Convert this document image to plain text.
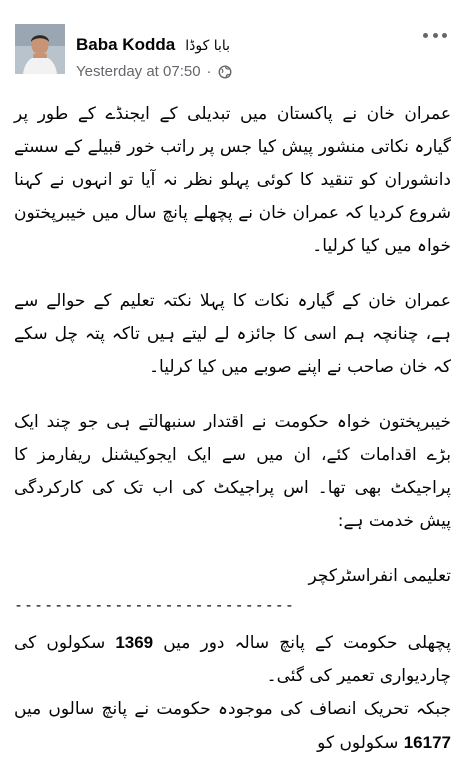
Baba Kodda بابا کوڈا
Yesterday at 07:50 ·

عمران خان نے پاکستان میں تبدیلی کے ایجنڈے کے طور پر گیارہ نکاتی منشور پیش کیا جس پر راتب خور قبیلے کے سستے دانشوران کو تنقید کا کوئی پہلو نظر نہ آیا تو انہوں نے کہنا شروع کردیا کہ عمران خان نے پچھلے پانچ سال میں خیبرپختون خواہ میں کیا کرلیا۔

عمران خان کے گیارہ نکات کا پہلا نکتہ تعلیم کے حوالے سے ہے، چنانچہ ہم اسی کا جائزہ لے لیتے ہیں تاکہ پتہ چل سکے کہ خان صاحب نے اپنے صوبے میں کیا کرلیا۔

خیبرپختون خواہ حکومت نے اقتدار سنبھالتے ہی جو چند ایک بڑے اقدامات کئے، ان میں سے ایک ایجوکیشنل ریفارمز کا پراجیکٹ بھی تھا۔ اس پراجیکٹ کی اب تک کی کارکردگی پیش خدمت ہے:

تعلیمی انفراسٹرکچر

----------------------------

پچھلی حکومت کے پانچ سالہ دور میں 1369 سکولوں کی چاردیواری تعمیر کی گئی۔

جبکہ تحریک انصاف کی موجودہ حکومت نے پانچ سالوں میں 16177 سکولوں کو
